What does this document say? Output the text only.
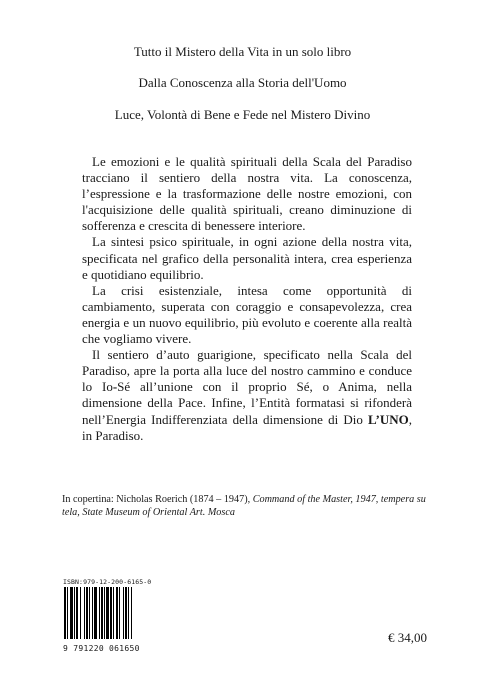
Tutto il Mistero della Vita in un solo libro
Dalla Conoscenza alla Storia dell'Uomo
Luce, Volontà di Bene e Fede nel Mistero Divino

Le emozioni e le qualità spirituali della Scala del Paradiso tracciano il sentiero della nostra vita. La conoscenza, l’espressione e la trasformazione delle nostre emozioni, con l'acquisizione delle qualità spirituali, creano diminuzione di sofferenza e crescita di benessere interiore.

La sintesi psico spirituale, in ogni azione della nostra vita, specificata nel grafico della personalità intera, crea esperienza e quotidiano equilibrio.

La crisi esistenziale, intesa come opportunità di cambiamento, superata con coraggio e consapevolezza, crea energia e un nuovo equilibrio, più evoluto e coerente alla realtà che vogliamo vivere.

Il sentiero d’auto guarigione, specificato nella Scala del Paradiso, apre la porta alla luce del nostro cammino e conduce lo Io-Sé all’unione con il proprio Sé, o Anima, nella dimensione della Pace. Infine, l’Entità formatasi si rifonderà nell’Energia Indifferenziata della dimensione di Dio L’UNO, in Paradiso.

In copertina: Nicholas Roerich (1874 – 1947), Command of the Master, 1947, tempera su tela, State Museum of Oriental Art. Mosca
ISBN:979-12-200-6165-0
9 791220 061650
€ 34,00
